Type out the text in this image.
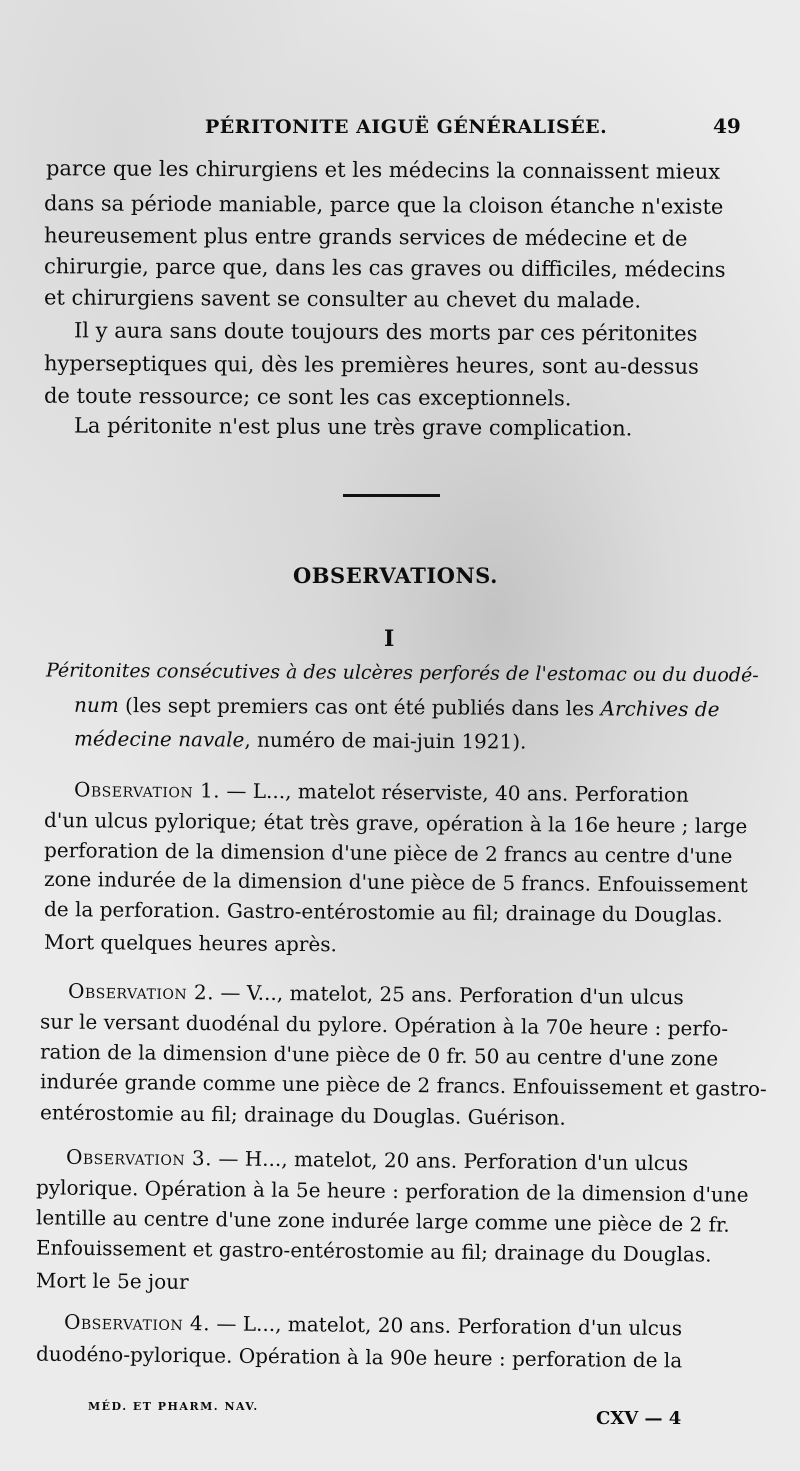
PÉRITONITE AIGUË GÉNÉRALISÉE.	49
parce que les chirurgiens et les médecins la connaissent mieux
dans sa période maniable, parce que la cloison étanche n'existe
heureusement plus entre grands services de médecine et de
chirurgie, parce que, dans les cas graves ou difficiles, médecins
et chirurgiens savent se consulter au chevet du malade.
Il y aura sans doute toujours des morts par ces péritonites
hyperseptiques qui, dès les premières heures, sont au-dessus
de toute ressource; ce sont les cas exceptionnels.
La péritonite n'est plus une très grave complication.
OBSERVATIONS.
I
Péritonites consécutives à des ulcères perforés de l'estomac ou du duodé-
num (les sept premiers cas ont été publiés dans les Archives de
médecine navale, numéro de mai-juin 1921).
Observation 1. — L..., matelot réserviste, 40 ans. Perforation
d'un ulcus pylorique; état très grave, opération à la 16e heure ; large
perforation de la dimension d'une pièce de 2 francs au centre d'une
zone indurée de la dimension d'une pièce de 5 francs. Enfouissement
de la perforation. Gastro-entérostomie au fil; drainage du Douglas.
Mort quelques heures après.
Observation 2. — V..., matelot, 25 ans. Perforation d'un ulcus
sur le versant duodénal du pylore. Opération à la 70e heure : perfo-
ration de la dimension d'une pièce de 0 fr. 50 au centre d'une zone
indurée grande comme une pièce de 2 francs. Enfouissement et gastro-
entérostomie au fil; drainage du Douglas. Guérison.
Observation 3. — H..., matelot, 20 ans. Perforation d'un ulcus
pylorique. Opération à la 5e heure : perforation de la dimension d'une
lentille au centre d'une zone indurée large comme une pièce de 2 fr.
Enfouissement et gastro-entérostomie au fil; drainage du Douglas.
Mort le 5e jour
Observation 4. — L..., matelot, 20 ans. Perforation d'un ulcus
duodéno-pylorique. Opération à la 90e heure : perforation de la
MÉD. ET PHARM. NAV.
CXV — 4
